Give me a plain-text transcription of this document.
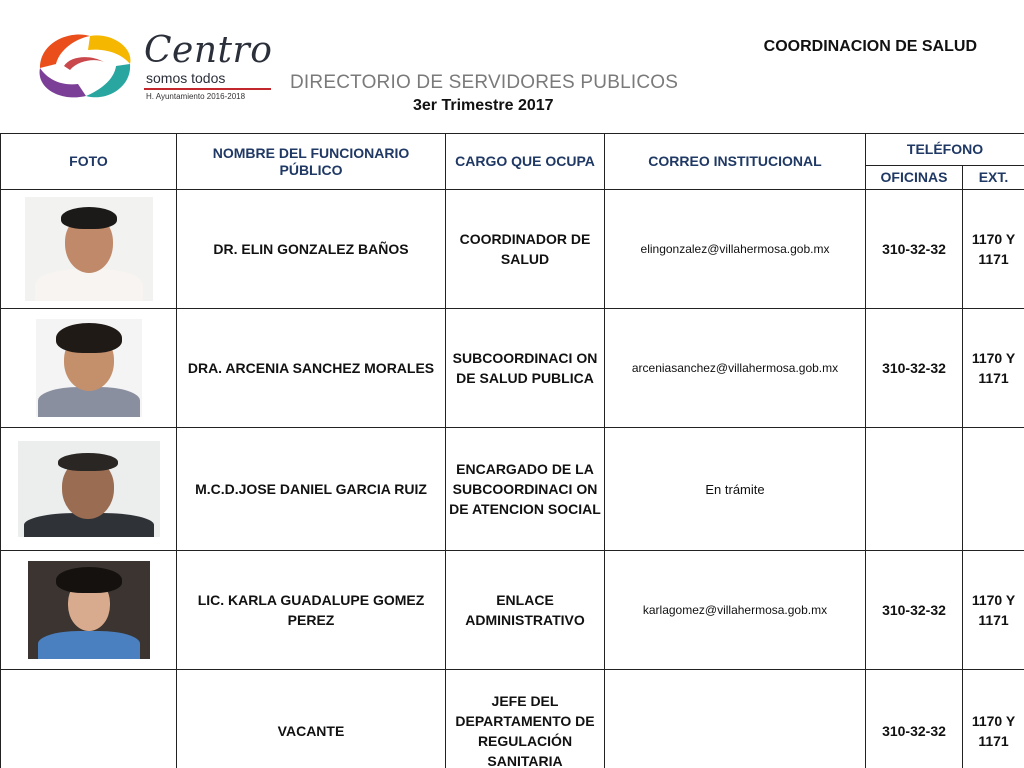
Centro
somos todos
H. Ayuntamiento 2016-2018
COORDINACION DE SALUD
DIRECTORIO DE SERVIDORES PUBLICOS
3er Trimestre 2017
FOTO	NOMBRE DEL FUNCIONARIO PÚBLICO	CARGO QUE OCUPA	CORREO INSTITUCIONAL	TELÉFONO	
				OFICINAS	EXT.

	DR. ELIN GONZALEZ BAÑOS	COORDINADOR DE SALUD	elingonzalez@villahermosa.gob.mx	310-32-32	1170 Y 1171

	DRA. ARCENIA SANCHEZ MORALES	SUBCOORDINACI ON DE SALUD PUBLICA	arceniasanchez@villahermosa.gob.mx	310-32-32	1170 Y 1171

	M.C.D.JOSE DANIEL GARCIA RUIZ	ENCARGADO DE LA SUBCOORDINACI ON DE ATENCION SOCIAL	En trámite		

	LIC. KARLA GUADALUPE GOMEZ PEREZ	ENLACE ADMINISTRATIVO	karlagomez@villahermosa.gob.mx	310-32-32	1170 Y 1171
	VACANTE	JEFE DEL DEPARTAMENTO DE REGULACIÓN SANITARIA		310-32-32	1170 Y 1171
